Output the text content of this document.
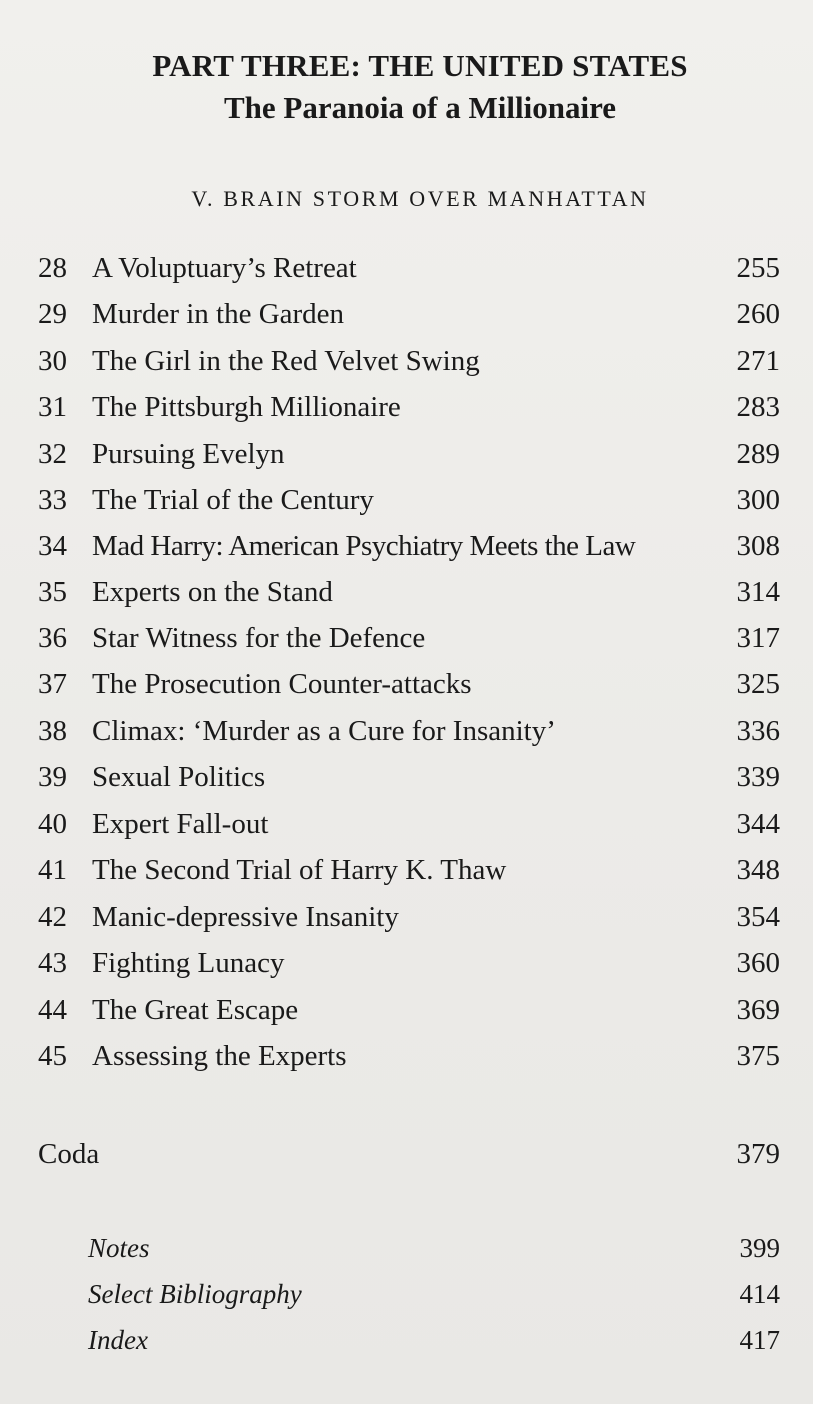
PART THREE: THE UNITED STATES
The Paranoia of a Millionaire
V. BRAIN STORM OVER MANHATTAN
28 A Voluptuary’s Retreat	255
29 Murder in the Garden	260
30 The Girl in the Red Velvet Swing	271
31 The Pittsburgh Millionaire	283
32 Pursuing Evelyn	289
33 The Trial of the Century	300
34 Mad Harry: American Psychiatry Meets the Law	308
35 Experts on the Stand	314
36 Star Witness for the Defence	317
37 The Prosecution Counter-attacks	325
38 Climax: ‘Murder as a Cure for Insanity’	336
39 Sexual Politics	339
40 Expert Fall-out	344
41 The Second Trial of Harry K. Thaw	348
42 Manic-depressive Insanity	354
43 Fighting Lunacy	360
44 The Great Escape	369
45 Assessing the Experts	375
Coda	379
Notes	399
Select Bibliography	414
Index	417
